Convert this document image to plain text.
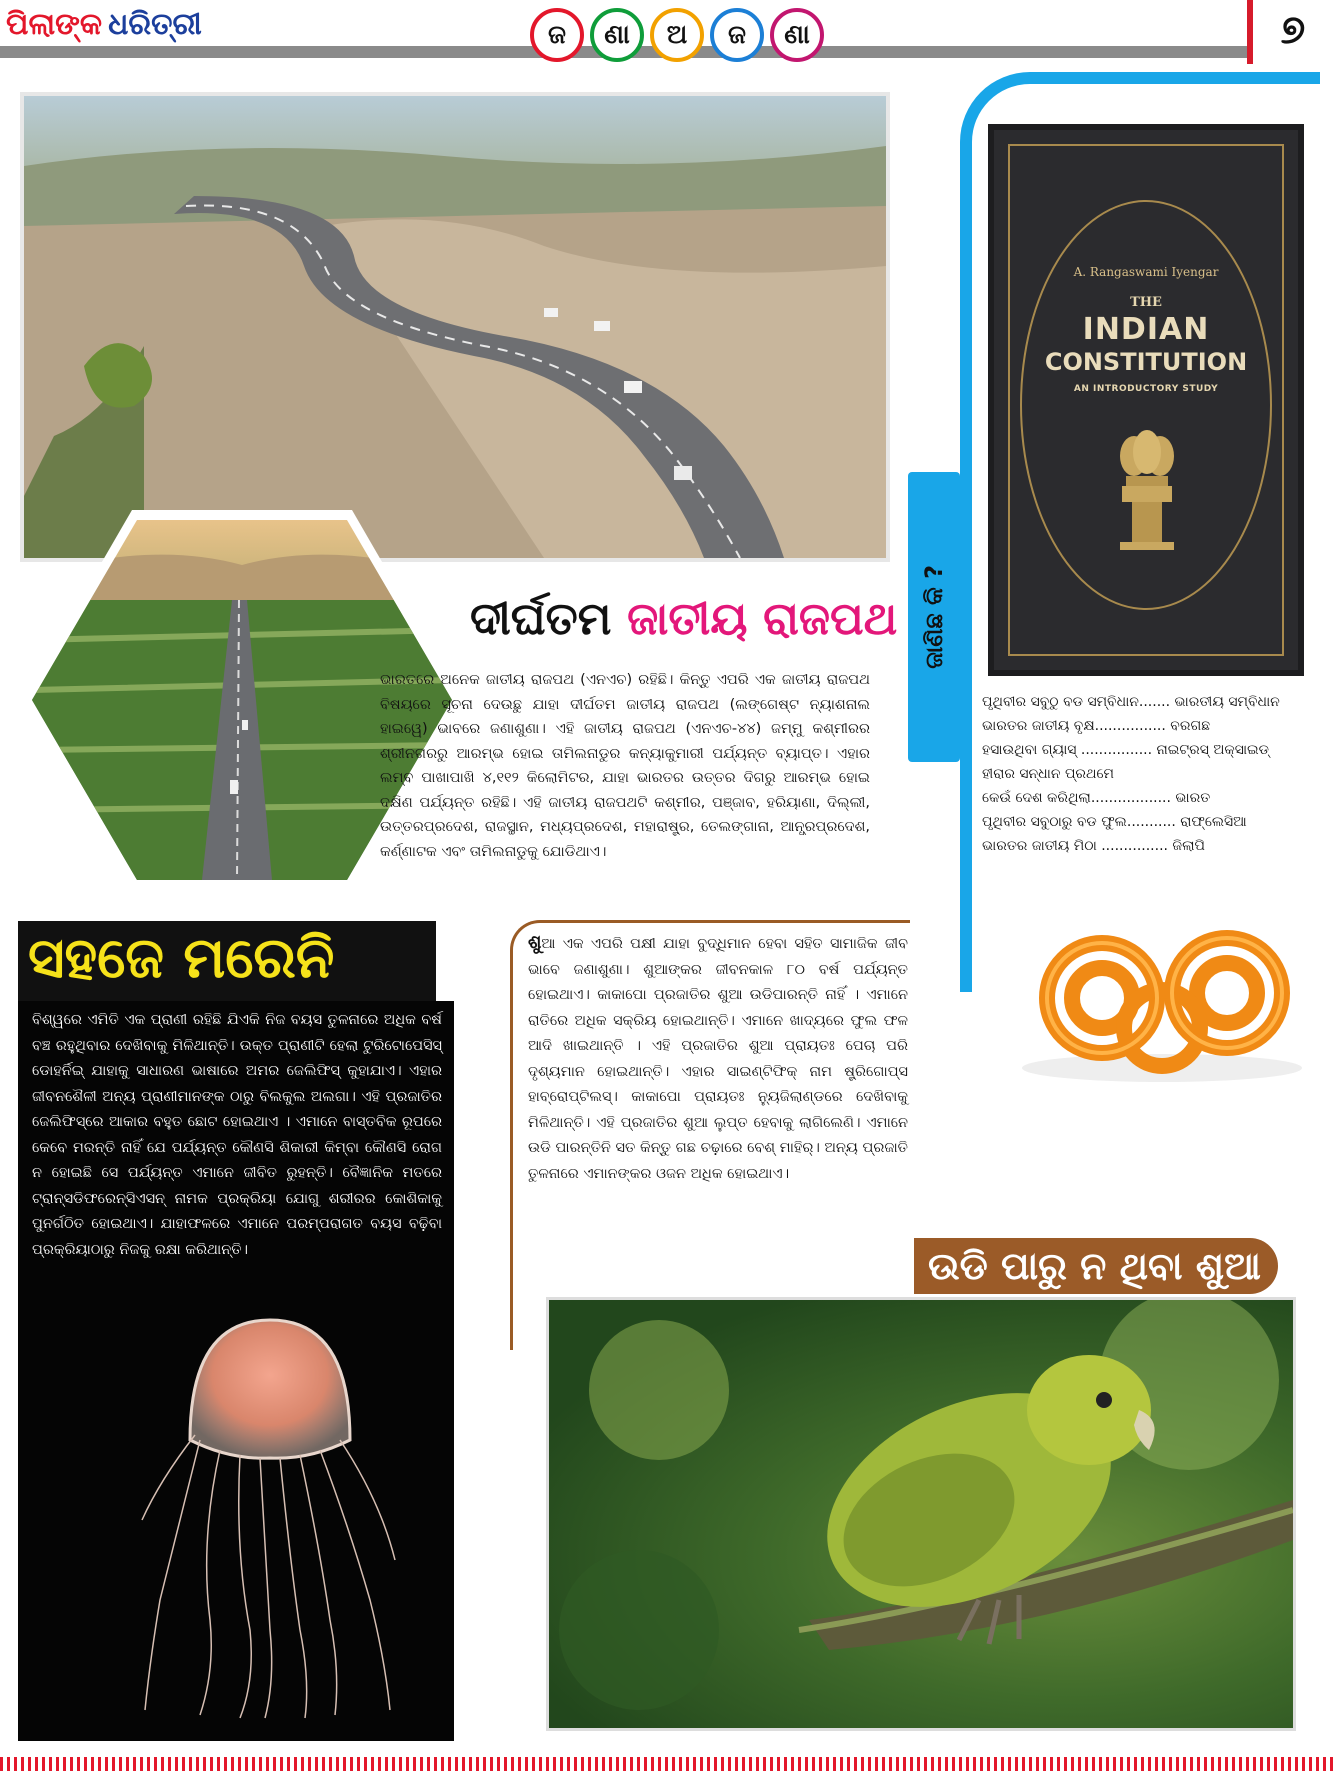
ପିଲାଙ୍କ ଧରିତ୍ରୀ	ଜ	ଣା	ଅ	ଜ	ଣା	୭
ଦୀର୍ଘତମ ଜାତୀୟ ରାଜପଥ

ଭାରତରେ ଅନେକ ଜାତୀୟ ରାଜପଥ (ଏନଏଚ) ରହିଛି। କିନ୍ତୁ ଏପରି ଏକ ଜାତୀୟ ରାଜପଥ ବିଷୟରେ ସୂଚନା ଦେଉଛୁ ଯାହା ଦୀର୍ଘତମ ଜାତୀୟ ରାଜପଥ (ଲଙ୍ଗେଷ୍ଟ ନ୍ୟାଶନାଲ ହାଇୱେ) ଭାବରେ ଜଣାଶୁଣା। ଏହି ଜାତୀୟ ରାଜପଥ (ଏନଏଚ-୪୪) ଜମ୍ମୁ କଶ୍ମୀରର ଶ୍ରୀନଗରରୁ ଆରମ୍ଭ ହୋଇ ତାମିଲନାଡୁର କନ୍ୟାକୁମାରୀ ପର୍ଯ୍ୟନ୍ତ ବ୍ୟାପ୍ତ। ଏହାର ଲମ୍ବ ପାଖାପାଖି ୪,୧୧୨ କିଲୋମିଟର, ଯାହା ଭାରତର ଉତ୍ତର ଦିଗରୁ ଆରମ୍ଭ ହୋଇ ଦକ୍ଷିଣ ପର୍ଯ୍ୟନ୍ତ ରହିଛି। ଏହି ଜାତୀୟ ରାଜପଥଟି କଶ୍ମୀର, ପଞ୍ଜାବ, ହରିୟାଣା, ଦିଲ୍ଲୀ, ଉତ୍ତରପ୍ରଦେଶ, ରାଜସ୍ଥାନ, ମଧ୍ୟପ୍ରଦେଶ, ମହାରାଷ୍ଟ୍ର, ତେଲଙ୍ଗାନା, ଆନ୍ଧ୍ରପ୍ରଦେଶ, କର୍ଣ୍ଣାଟକ ଏବଂ ତାମିଲନାଡୁକୁ ଯୋଡିଥାଏ।

ଜାଣିଛ କି ?
A. Rangaswami Iyengar
THE
INDIAN
CONSTITUTION
AN INTRODUCTORY STUDY
ପୃଥିବୀର ସବୁଠୁ ବଡ ସମ୍ବିଧାନ....... ଭାରତୀୟ ସମ୍ବିଧାନ
ଭାରତର ଜାତୀୟ ବୃକ୍ଷ................ ବରଗଛ
ହସାଉଥିବା ଗ୍ୟାସ୍ ................ ନାଇଟ୍ରସ୍ ଅକ୍ସାଇଡ୍
ହୀରାର ସନ୍ଧାନ ପ୍ରଥମେ
କେଉଁ ଦେଶ କରିଥିଲା.................. ଭାରତ
ପୃଥିବୀର ସବୁଠାରୁ ବଡ ଫୁଲ........... ରାଫ୍ଲେସିଆ
ଭାରତର ଜାତୀୟ ମିଠା ............... ଜିଲାପି
ସହଜେ ମରେନି

ବିଶ୍ୱରେ ଏମିତି ଏକ ପ୍ରାଣୀ ରହିଛି ଯିଏକି ନିଜ ବୟସ ତୁଳନାରେ ଅଧିକ ବର୍ଷ ବଞ୍ଚ ରହୁଥିବାର ଦେଖିବାକୁ ମିଳିଥାନ୍ତି। ଉକ୍ତ ପ୍ରାଣୀଟି ହେଲା ଟୁରିଟୋପେସିସ୍ ଡୋହର୍ନିଇ୍ ଯାହାକୁ ସାଧାରଣ ଭାଷାରେ ଅମର ଜେଲିଫିସ୍ କୁହାଯାଏ। ଏହାର ଜୀବନଶୈଳୀ ଅନ୍ୟ ପ୍ରାଣୀମାନଙ୍କ ଠାରୁ ବିଲକୁଲ ଅଲଗା। ଏହି ପ୍ରଜାତିର ଜେଲିଫିସ୍‌ରେ ଆକାର ବହୁତ ଛୋଟ ହୋଇଥାଏ । ଏମାନେ ବାସ୍ତବିକ ରୂପରେ କେବେ ମରନ୍ତି ନାହିଁ ଯେ ପର୍ଯ୍ୟନ୍ତ କୌଣସି ଶିକାରୀ କିମ୍ବା କୌଣସି ରୋଗ ନ ହୋଇଛି ସେ ପର୍ଯ୍ୟନ୍ତ ଏମାନେ ଜୀବିତ ରୁହନ୍ତି। ବୈଜ୍ଞାନିକ ମତରେ ଟ୍ରାନ୍ସଡିଫରେନ୍ସିଏସନ୍ ନାମକ ପ୍ରକ୍ରିୟା ଯୋଗୁ ଶରୀରର କୋଶିକାକୁ ପୁନର୍ଗଠିତ ହୋଇଥାଏ। ଯାହାଫଳରେ ଏମାନେ ପରମ୍ପରାଗତ ବୟସ ବଢ଼ିବା ପ୍ରକ୍ରିୟାଠାରୁ ନିଜକୁ ରକ୍ଷା କରିଥାନ୍ତି।

ଶୁଆ ଏକ ଏପରି ପକ୍ଷୀ ଯାହା ବୁଦ୍ଧିମାନ ହେବା ସହିତ ସାମାଜିକ ଜୀବ ଭାବେ ଜଣାଶୁଣା। ଶୁଆଙ୍କର ଜୀବନକାଳ ୮୦ ବର୍ଷ ପର୍ଯ୍ୟନ୍ତ ହୋଇଥାଏ। କାକାପୋ ପ୍ରଜାତିର ଶୁଆ ଉଡିପାରନ୍ତି ନାହିଁ । ଏମାନେ ରାତିରେ ଅଧିକ ସକ୍ରିୟ ହୋଇଥାନ୍ତି। ଏମାନେ ଖାଦ୍ୟରେ ଫୁଲ ଫଳ ଆଦି ଖାଇଥାନ୍ତି । ଏହି ପ୍ରଜାତିର ଶୁଆ ପ୍ରାୟତଃ ପେଚା ପରି ଦୃଶ୍ୟମାନ ହୋଇଥାନ୍ତି। ଏହାର ସାଇଣ୍ଟିଫିକ୍ ନାମ ଷ୍ଟ୍ରିଗୋପ୍ସ ହାବ୍ରୋପ୍ଟିଲସ୍। କାକାପୋ ପ୍ରାୟତଃ ନ୍ୟୁଜିଲାଣ୍ଡରେ ଦେଖିବାକୁ ମିଳିଥାନ୍ତି। ଏହି ପ୍ରଜାତିର ଶୁଆ ଲୁପ୍ତ ହେବାକୁ ଲାଗିଲେଣି। ଏମାନେ ଉଡି ପାରନ୍ତିନି ସତ କିନ୍ତୁ ଗଛ ଚଢ଼ାରେ ବେଶ୍ ମାହିର୍। ଅନ୍ୟ ପ୍ରଜାତି ତୁଳନାରେ ଏମାନଙ୍କର ଓଜନ ଅଧିକ ହୋଇଥାଏ।

ଉଡି ପାରୁ ନ ଥିବା ଶୁଆ
